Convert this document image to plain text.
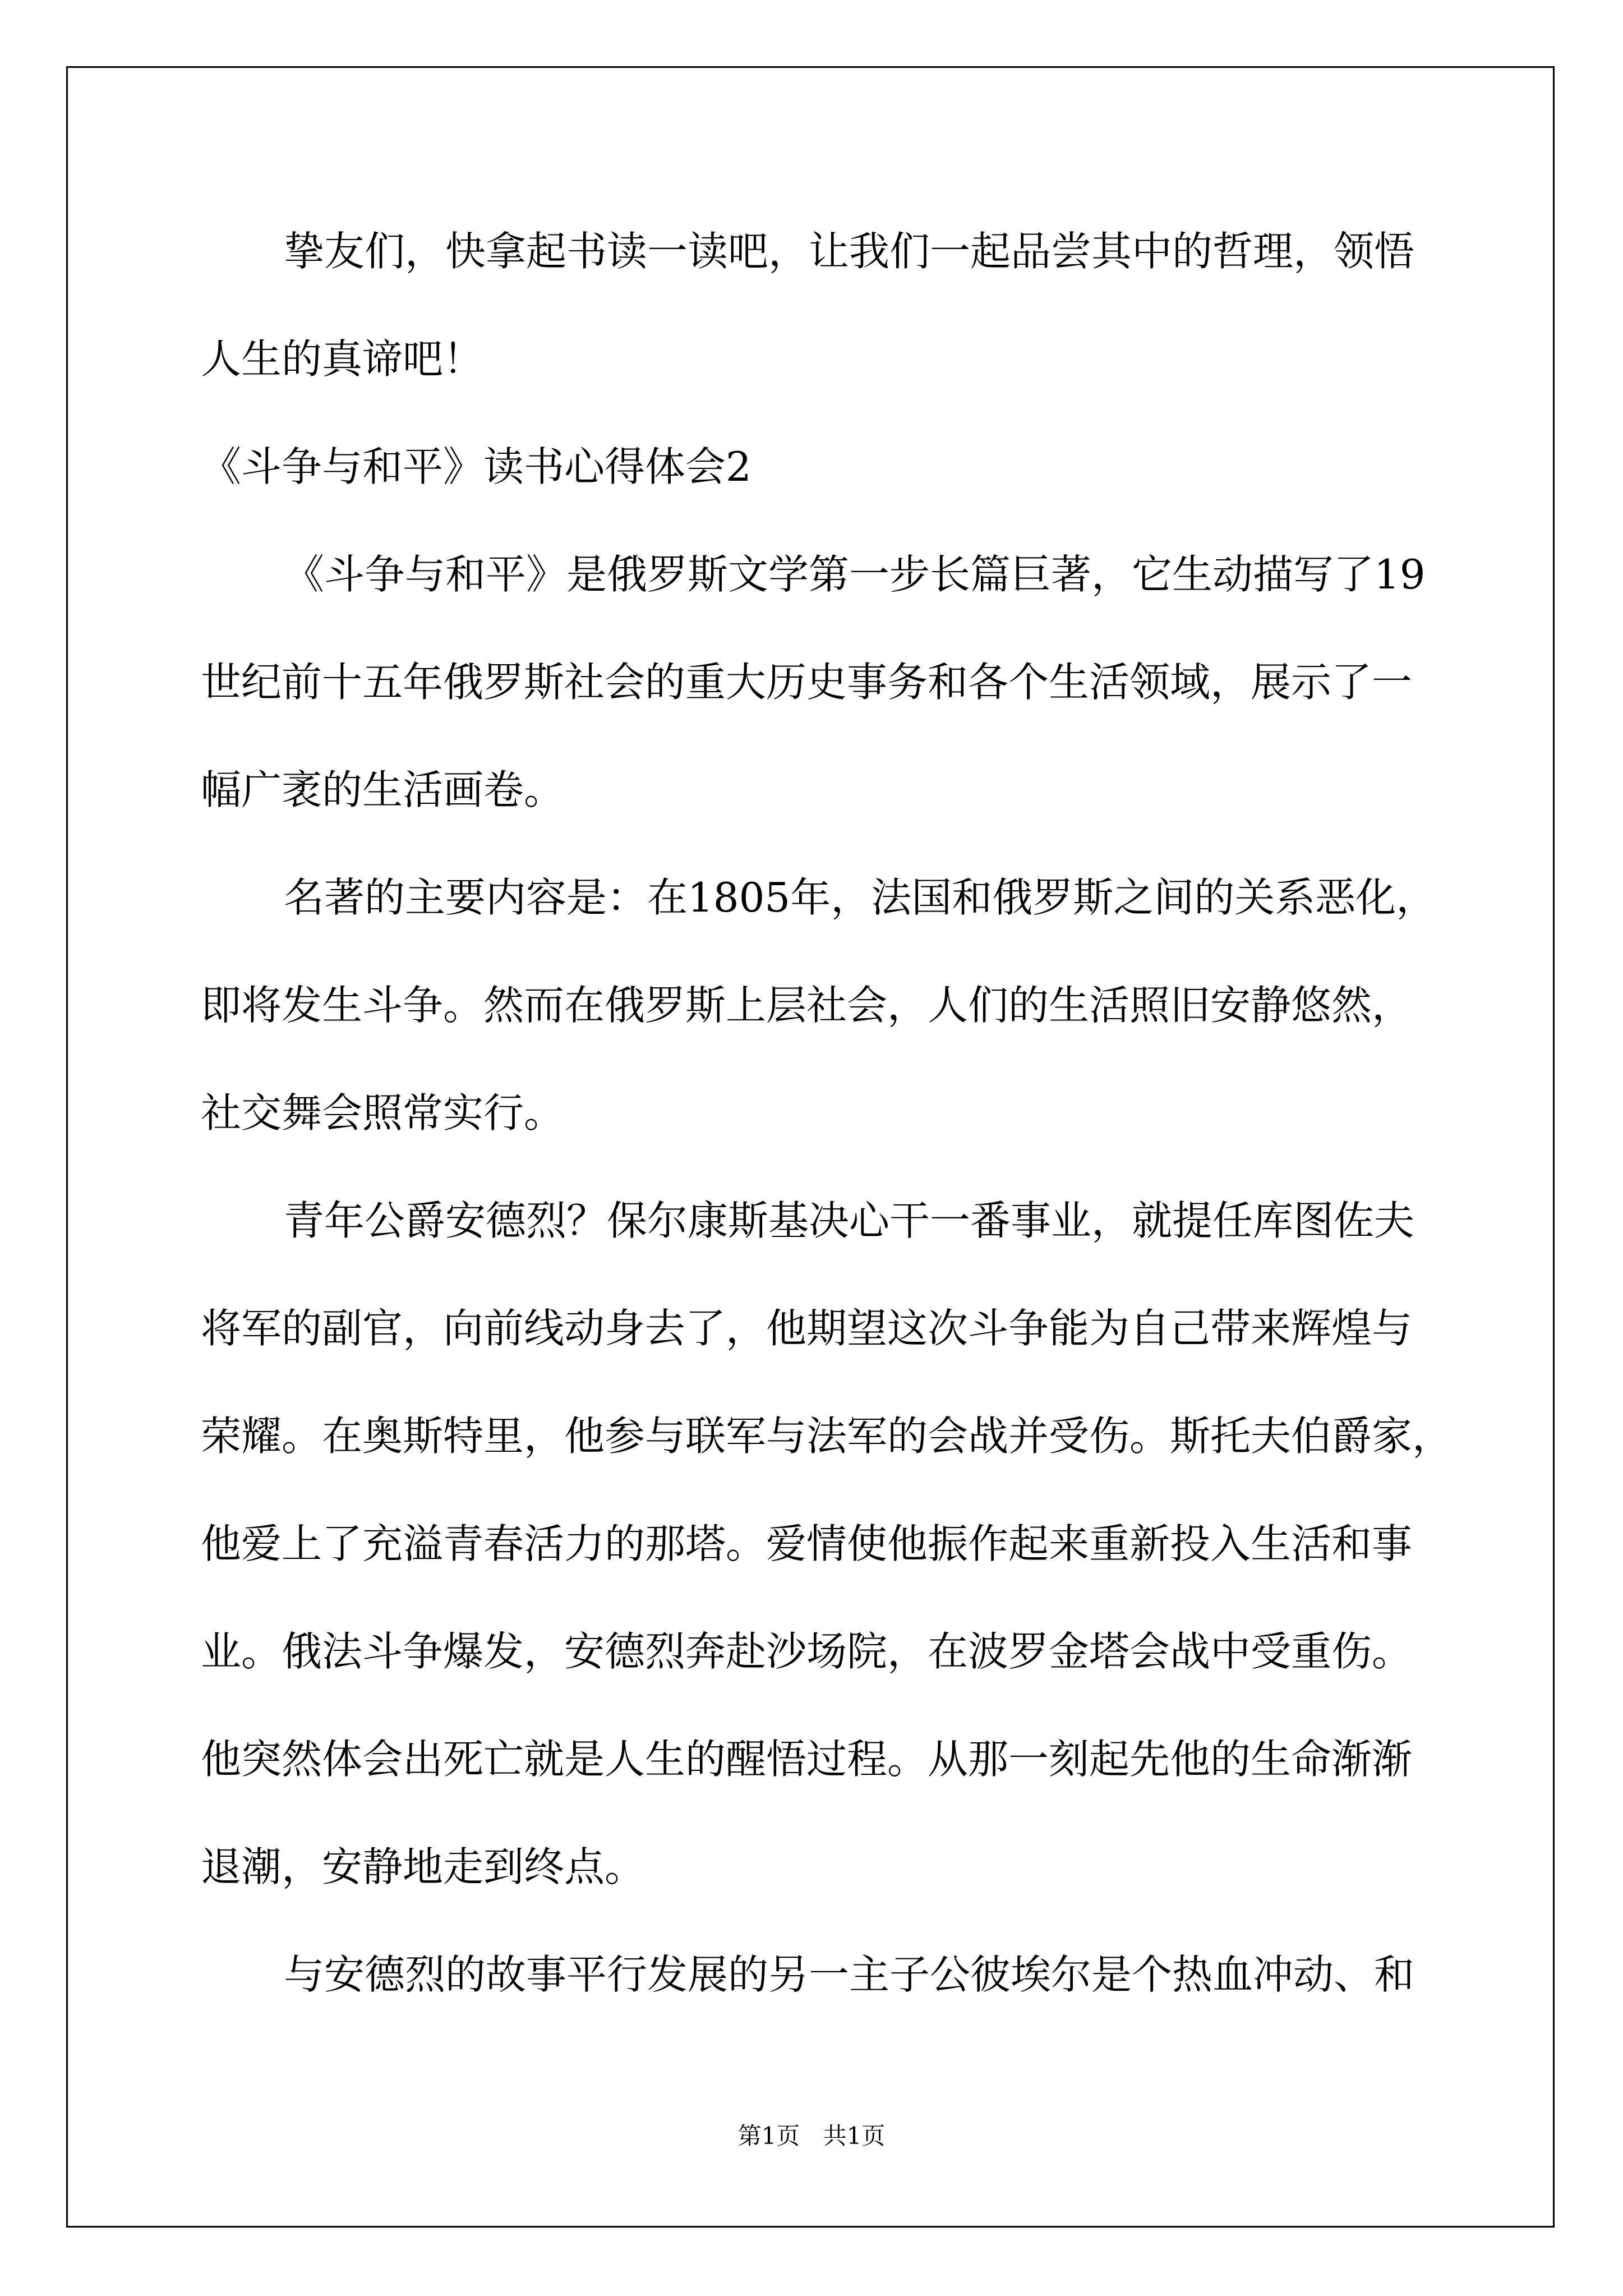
挚友们，快拿起书读一读吧，让我们一起品尝其中的哲理，领悟
人生的真谛吧！
《斗争与和平》读书心得体会2
《斗争与和平》是俄罗斯文学第一步长篇巨著，它生动描写了19
世纪前十五年俄罗斯社会的重大历史事务和各个生活领域，展示了一
幅广袤的生活画卷。
名著的主要内容是：在1805年，法国和俄罗斯之间的关系恶化，
即将发生斗争。然而在俄罗斯上层社会，人们的生活照旧安静悠然，
社交舞会照常实行。
青年公爵安德烈？保尔康斯基决心干一番事业，就提任库图佐夫
将军的副官，向前线动身去了，他期望这次斗争能为自己带来辉煌与
荣耀。在奥斯特里，他参与联军与法军的会战并受伤。斯托夫伯爵家，
他爱上了充溢青春活力的那塔。爱情使他振作起来重新投入生活和事
业。俄法斗争爆发，安德烈奔赴沙场院，在波罗金塔会战中受重伤。
他突然体会出死亡就是人生的醒悟过程。从那一刻起先他的生命渐渐
退潮，安静地走到终点。
与安德烈的故事平行发展的另一主子公彼埃尔是个热血冲动、和
第1页 共1页
